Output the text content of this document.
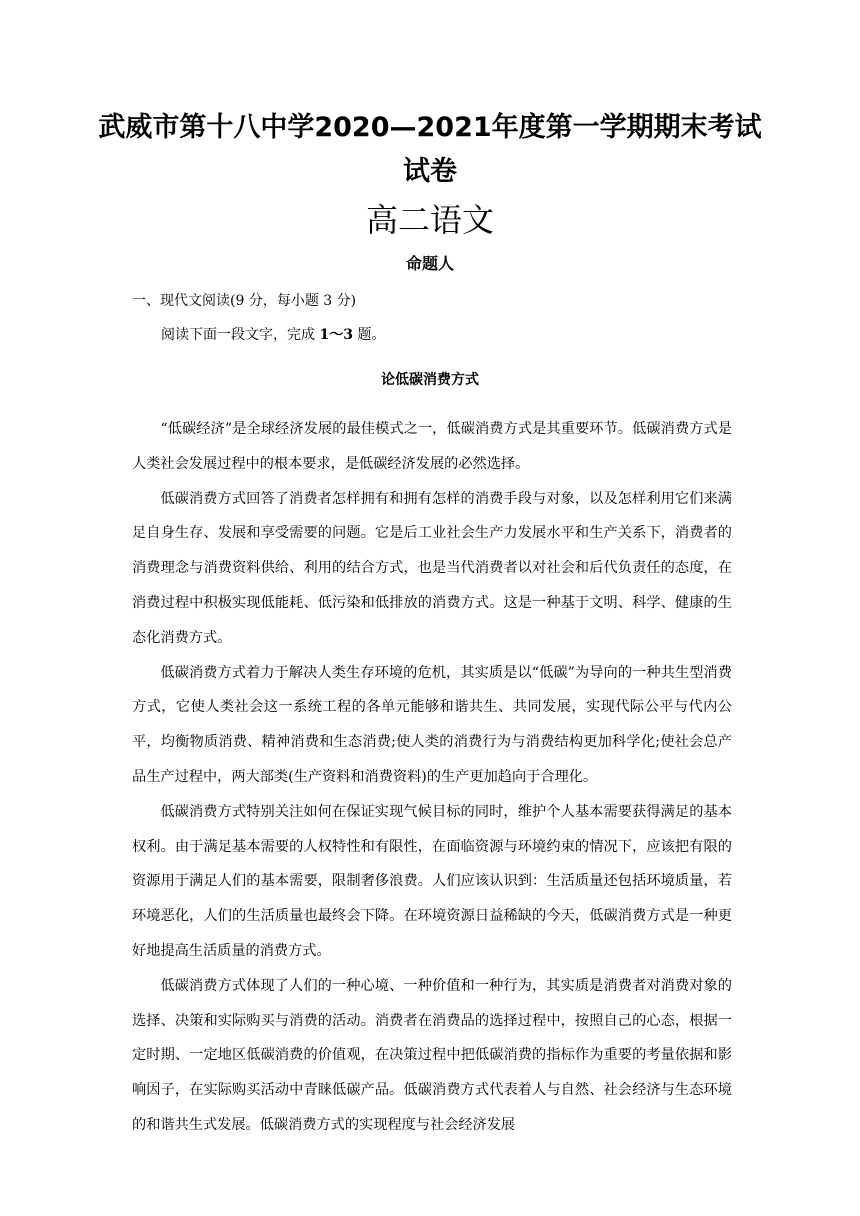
武威市第十八中学2020—2021年度第一学期期末考试
试卷
高二语文
命题人
一、现代文阅读(9 分，每小题 3 分)
阅读下面一段文字，完成 1～3 题。
论低碳消费方式

“低碳经济”是全球经济发展的最佳模式之一，低碳消费方式是其重要环节。低碳消费方式是人类社会发展过程中的根本要求，是低碳经济发展的必然选择。

低碳消费方式回答了消费者怎样拥有和拥有怎样的消费手段与对象，以及怎样利用它们来满足自身生存、发展和享受需要的问题。它是后工业社会生产力发展水平和生产关系下，消费者的消费理念与消费资料供给、利用的结合方式，也是当代消费者以对社会和后代负责任的态度，在消费过程中积极实现低能耗、低污染和低排放的消费方式。这是一种基于文明、科学、健康的生态化消费方式。

低碳消费方式着力于解决人类生存环境的危机，其实质是以“低碳”为导向的一种共生型消费方式，它使人类社会这一系统工程的各单元能够和谐共生、共同发展，实现代际公平与代内公平，均衡物质消费、精神消费和生态消费;使人类的消费行为与消费结构更加科学化;使社会总产品生产过程中，两大部类(生产资料和消费资料)的生产更加趋向于合理化。

低碳消费方式特别关注如何在保证实现气候目标的同时，维护个人基本需要获得满足的基本权利。由于满足基本需要的人权特性和有限性，在面临资源与环境约束的情况下，应该把有限的资源用于满足人们的基本需要，限制奢侈浪费。人们应该认识到：生活质量还包括环境质量，若环境恶化，人们的生活质量也最终会下降。在环境资源日益稀缺的今天，低碳消费方式是一种更好地提高生活质量的消费方式。

低碳消费方式体现了人们的一种心境、一种价值和一种行为，其实质是消费者对消费对象的选择、决策和实际购买与消费的活动。消费者在消费品的选择过程中，按照自己的心态，根据一定时期、一定地区低碳消费的价值观，在决策过程中把低碳消费的指标作为重要的考量依据和影响因子，在实际购买活动中青睐低碳产品。低碳消费方式代表着人与自然、社会经济与生态环境的和谐共生式发展。低碳消费方式的实现程度与社会经济发展
